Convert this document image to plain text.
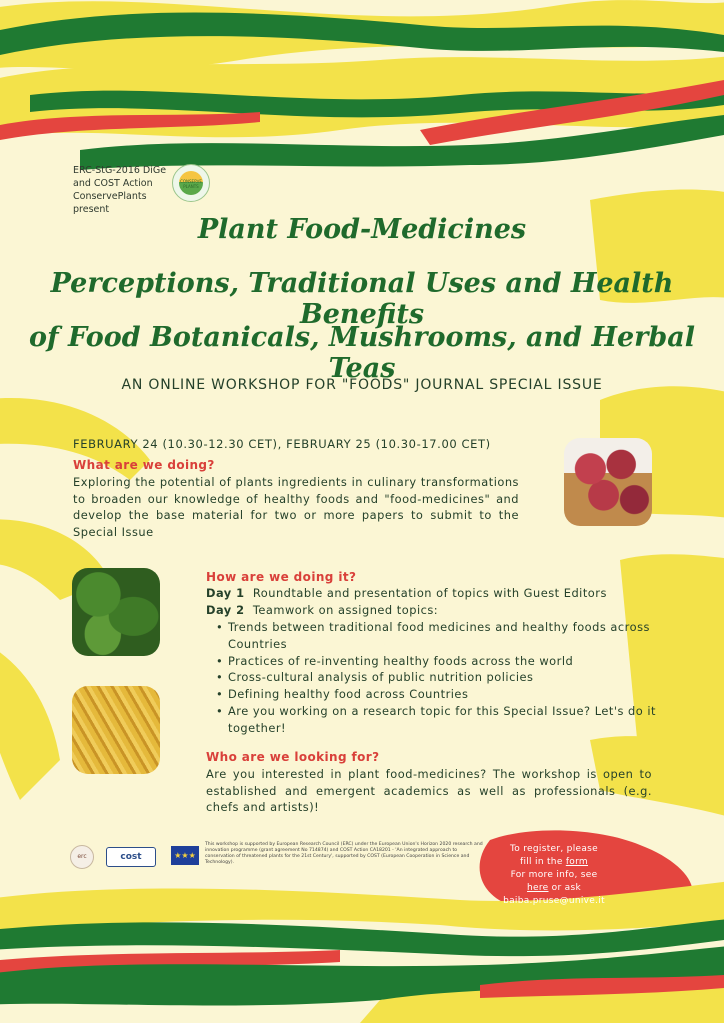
ERC-StG-2016 DiGe
and COST Action
ConservePlants present
CONSERVE PLANTS
Plant Food-Medicines
Perceptions, Traditional Uses and Health Benefits
of Food Botanicals, Mushrooms, and Herbal Teas
AN ONLINE WORKSHOP FOR "FOODS" JOURNAL SPECIAL ISSUE
FEBRUARY 24 (10.30-12.30 CET), FEBRUARY 25 (10.30-17.00 CET)
What are we doing?
Exploring the potential of plants ingredients in culinary transformations to broaden our knowledge of healthy foods and "food-medicines" and develop the base material for two or more papers to submit to the Special Issue
How are we doing it?
Day 1 Roundtable and presentation of topics with Guest Editors
Day 2 Teamwork on assigned topics:
• Trends between traditional food medicines and healthy foods across Countries
• Practices of re-inventing healthy foods across the world
• Cross-cultural analysis of public nutrition policies
• Defining healthy food across Countries
• Are you working on a research topic for this Special Issue? Let's do it together!
Who are we looking for?
Are you interested in plant food-medicines? The workshop is open to established and emergent academics as well as professionals (e.g. chefs and artists)!
erc	cost	★★★
This workshop is supported by European Research Council (ERC) under the European Union's Horizon 2020 research and innovation programme (grant agreement No 714874) and COST Action CA18201 - 'An integrated approach to conservation of threatened plants for the 21st Century', supported by COST (European Cooperation in Science and Technology).
To register, please
fill in the form
For more info, see
here or ask
baiba.pruse@unive.it
